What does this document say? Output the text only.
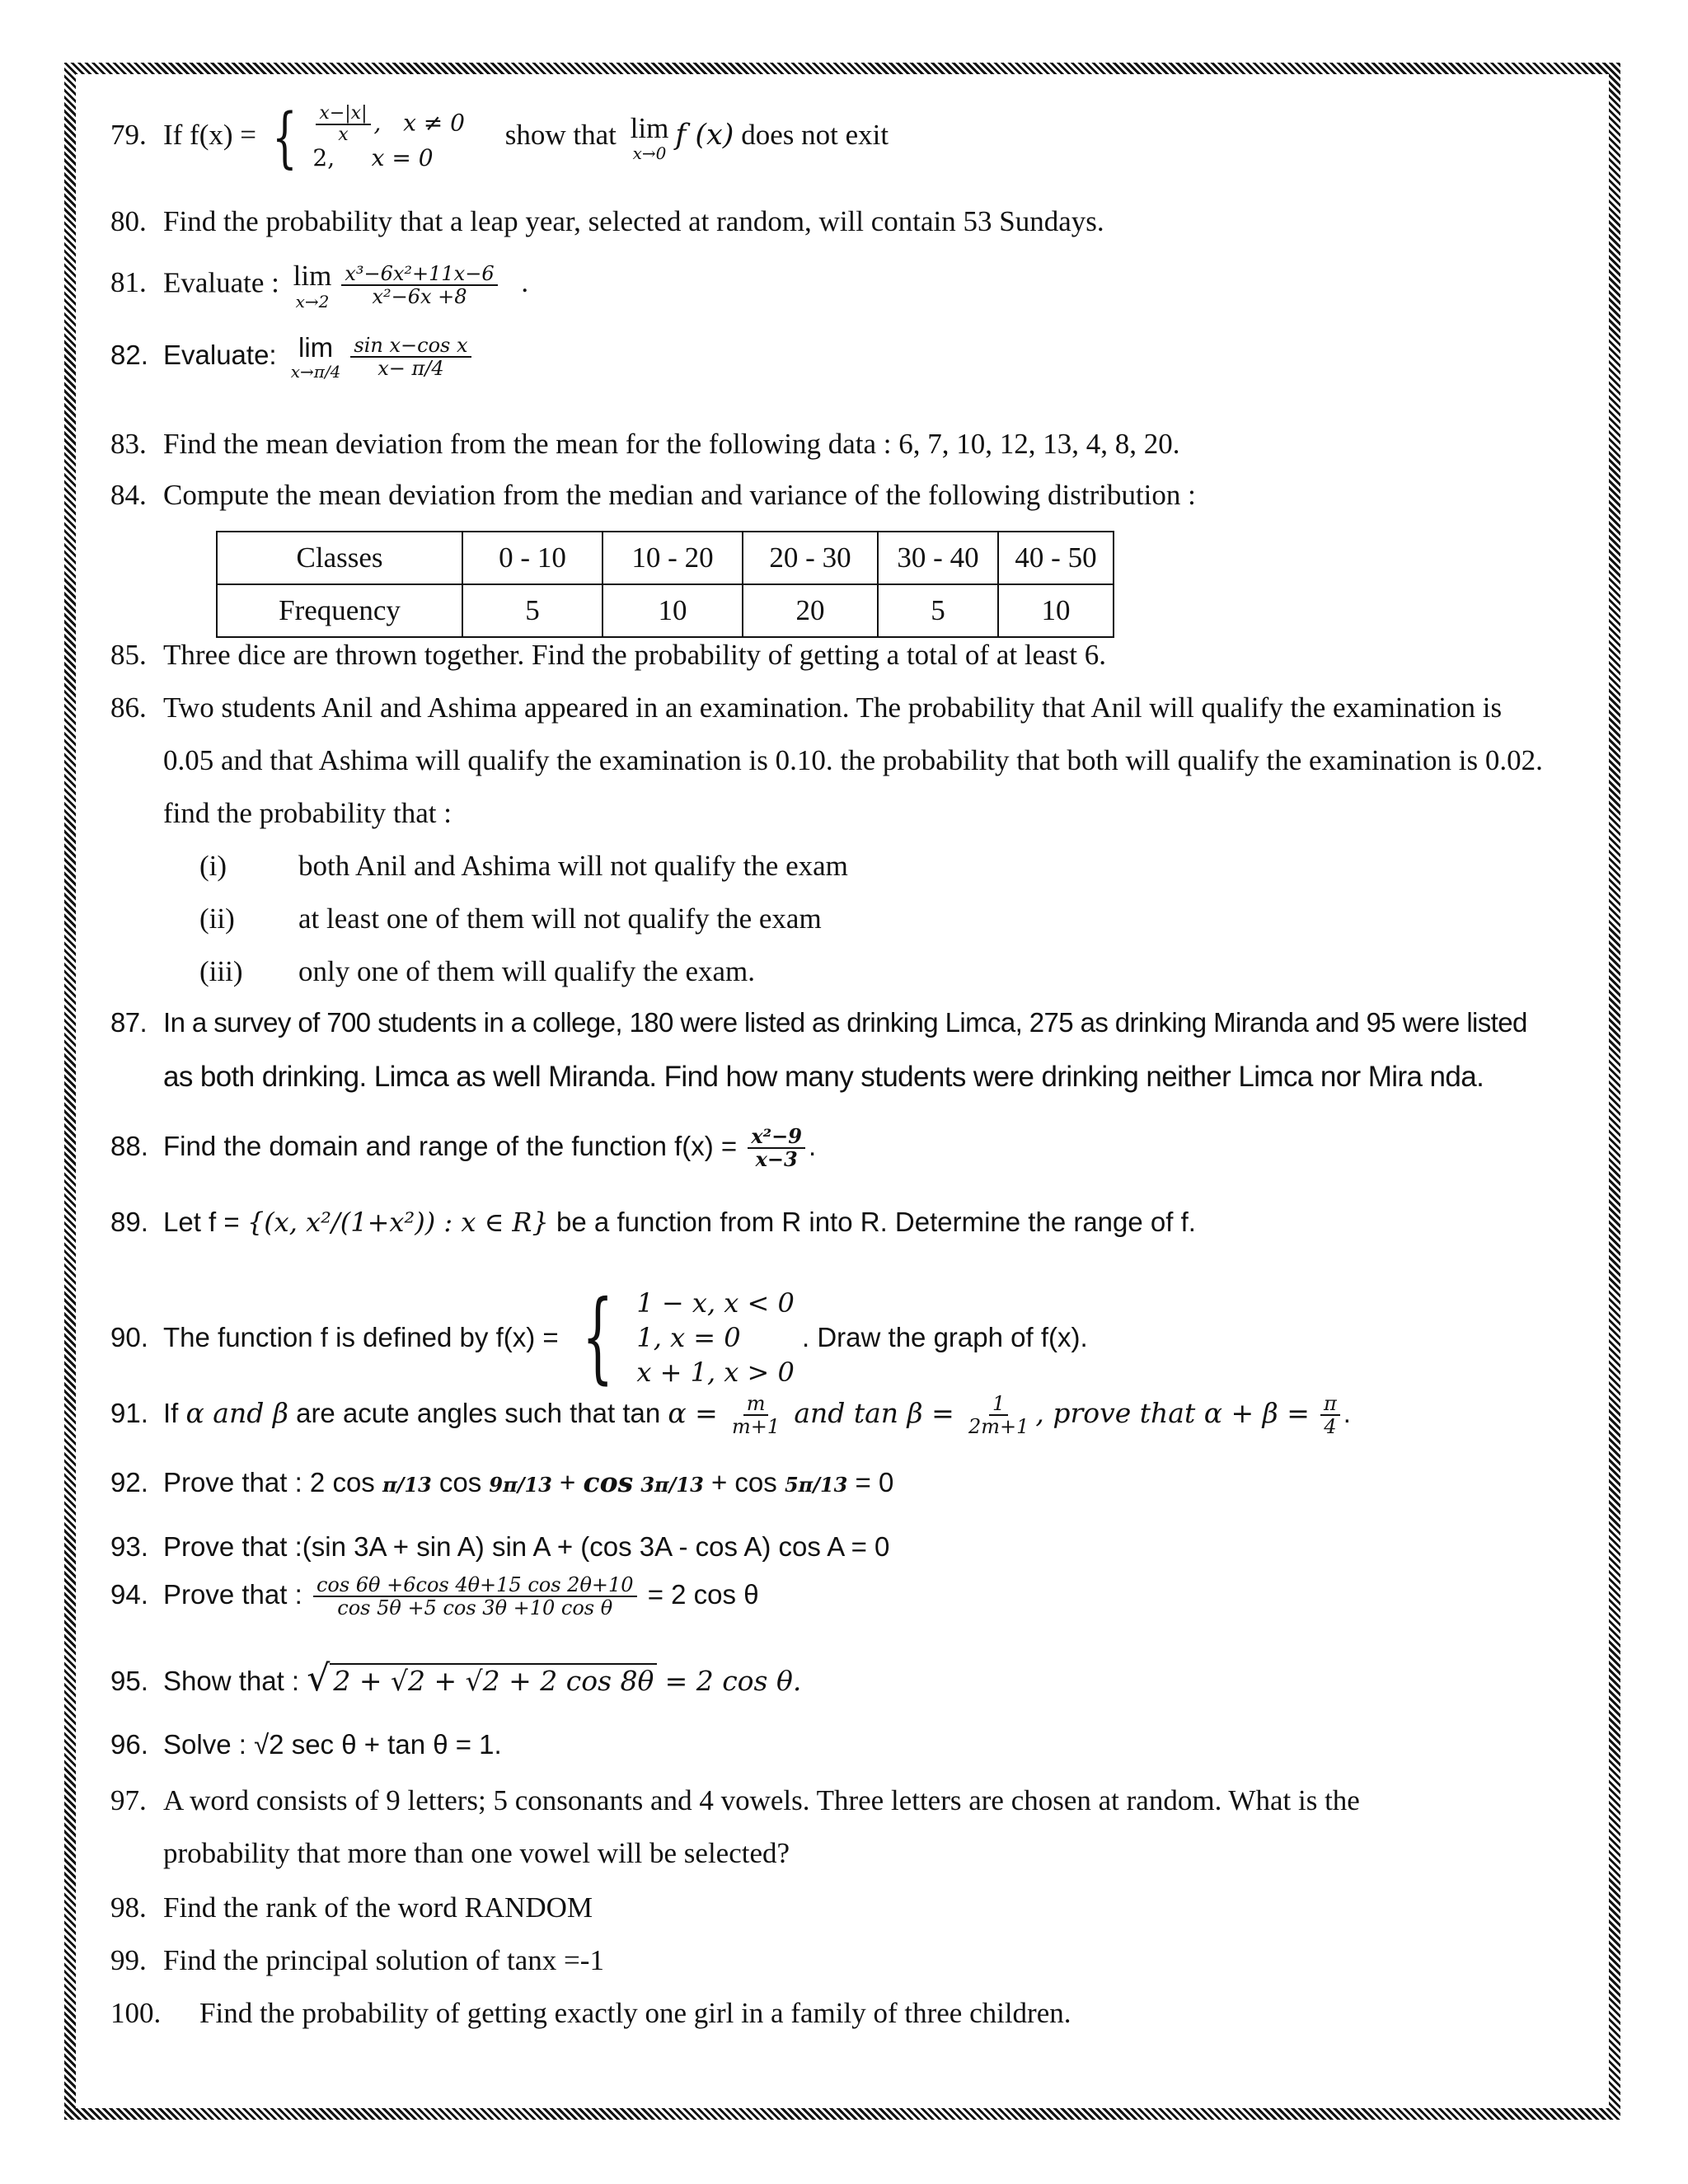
79. If f(x) = { $\frac{x-|x|}{x}$ ,   x ≠ 0
2, x = 0
show that lim
x→0
f (x) does not exit
80. Find the probability that a leap year, selected at random, will contain 53 Sundays.
81. Evaluate : lim
$x\to 2 \frac{\text{x³−6x²+11x−6}}{\text{x²−6x +8}}$ .
82. Evaluate: lim
$x\to\pi/4 \frac{\text{sin x−cos x}}{x- \pi/4}$
83. Find the mean deviation from the mean for the following data : 6, 7, 10, 12, 13, 4, 8, 20.
84. Compute the mean deviation from the median and variance of the following distribution :
Classes	0 - 10	10 - 20	20 - 30	30 - 40	40 - 50
Frequency	5	10	20	5	10
85. Three dice are thrown together. Find the probability of getting a total of at least 6.
86. Two students Anil and Ashima appeared in an examination. The probability that Anil will qualify the examination is
0.05 and that Ashima will qualify the examination is 0.10. the probability that both will qualify the examination is 0.02.
find the probability that :
(i) both Anil and Ashima will not qualify the exam
(ii) at least one of them will not qualify the exam
(iii) only one of them will qualify the exam.
87. In a survey of 700 students in a college, 180 were listed as drinking Limca, 275 as drinking Miranda and 95 were listed
as both drinking. Limca as well Miranda. Find how many students were drinking neither Limca nor Mira nda.
88. Find the domain and range of the function $f(x) = \frac{\text{x²−9}}{x-3}$ .
89. Let f = {(x, x²/(1+x²)) : x ∈ R} be a function from R into R. Determine the range of f.
90. The function f is defined by f(x) = { 1 − x, x < 0
1, x = 0
x + 1, x > 0
. Draw the graph of f(x).
91. If α and β are acute angles such that $\tan \alpha = \frac{m}{m+1}$ and $\tan \beta = \frac{1}{2m+1}$ , prove that $\alpha + \beta = \frac{\pi}{4}$ .
92. Prove that : 2 cos π/13 cos 9π/13 + cos 3π/13 + cos 5π/13 = 0
93. Prove that :(sin 3A + sin A) sin A + (cos 3A - cos A) cos A = 0
94. Prove that : $\frac{\cos 6\theta +6\cos 4\theta+15 \cos 2\theta+10}{\text{cos 5θ +5 cos 3θ +10 cos θ}} = 2$ cos θ
95. Show that : √ 2 + √2 + √2 + 2 cos 8θ = 2 cos θ.
96. Solve : √2 sec θ + tan θ = 1.
97. A word consists of 9 letters; 5 consonants and 4 vowels. Three letters are chosen at random. What is the
probability that more than one vowel will be selected?
98. Find the rank of the word RANDOM
99. Find the principal solution of tanx =-1
100. Find the probability of getting exactly one girl in a family of three children.
